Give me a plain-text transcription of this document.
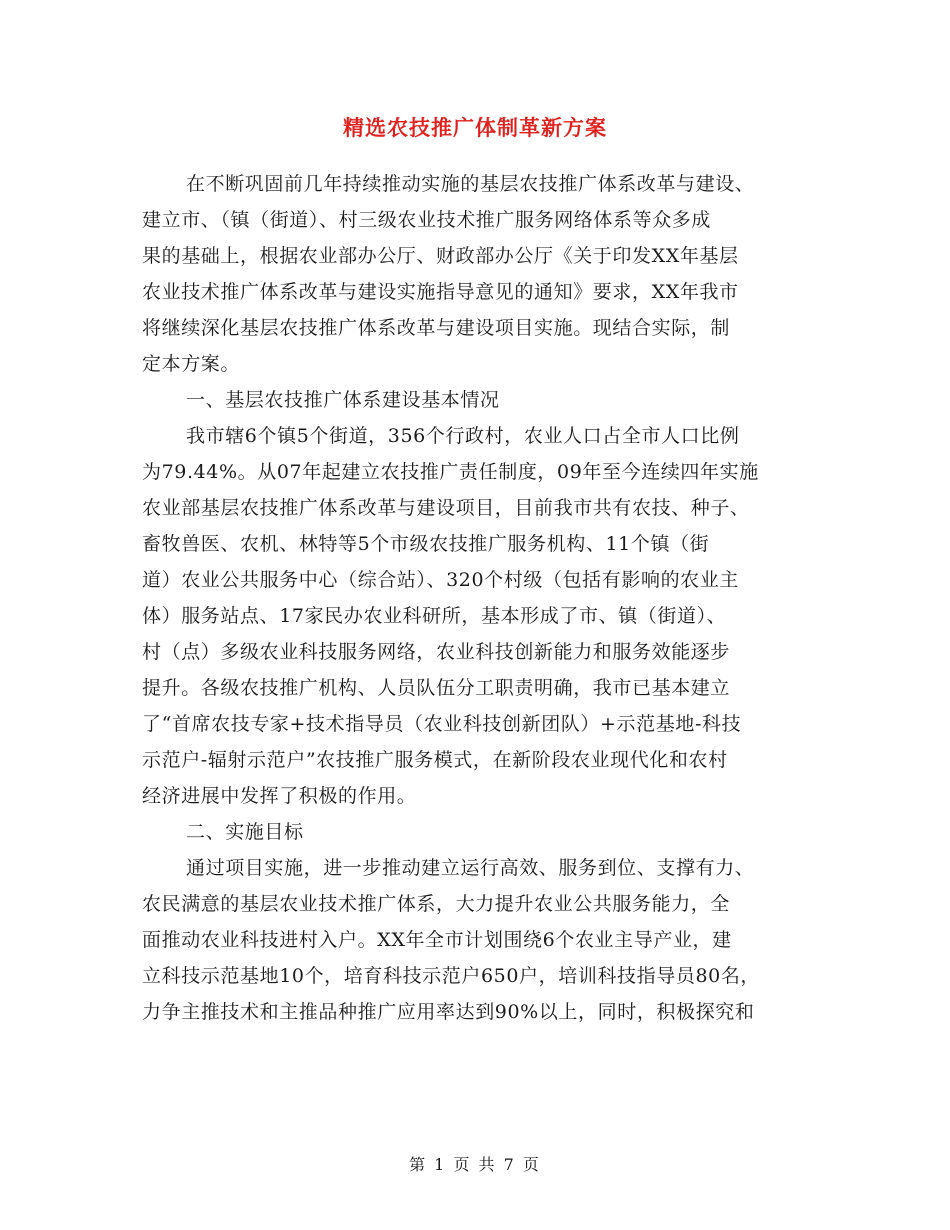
精选农技推广体制革新方案
在不断巩固前几年持续推动实施的基层农技推广体系改革与建设、
建立市、（镇（街道）、村三级农业技术推广服务网络体系等众多成
果的基础上，根据农业部办公厅、财政部办公厅《关于印发XX年基层
农业技术推广体系改革与建设实施指导意见的通知》要求，XX年我市
将继续深化基层农技推广体系改革与建设项目实施。现结合实际，制
定本方案。
一、基层农技推广体系建设基本情况
我市辖6个镇5个街道，356个行政村，农业人口占全市人口比例
为79.44%。从07年起建立农技推广责任制度，09年至今连续四年实施
农业部基层农技推广体系改革与建设项目，目前我市共有农技、种子、
畜牧兽医、农机、林特等5个市级农技推广服务机构、11个镇（街
道）农业公共服务中心（综合站）、320个村级（包括有影响的农业主
体）服务站点、17家民办农业科研所，基本形成了市、镇（街道）、
村（点）多级农业科技服务网络，农业科技创新能力和服务效能逐步
提升。各级农技推广机构、人员队伍分工职责明确，我市已基本建立
了“首席农技专家+技术指导员（农业科技创新团队）+示范基地-科技
示范户-辐射示范户”农技推广服务模式，在新阶段农业现代化和农村
经济进展中发挥了积极的作用。
二、实施目标
通过项目实施，进一步推动建立运行高效、服务到位、支撑有力、
农民满意的基层农业技术推广体系，大力提升农业公共服务能力，全
面推动农业科技进村入户。XX年全市计划围绕6个农业主导产业，建
立科技示范基地10个，培育科技示范户650户，培训科技指导员80名，
力争主推技术和主推品种推广应用率达到90%以上，同时，积极探究和
第 1 页 共 7 页
